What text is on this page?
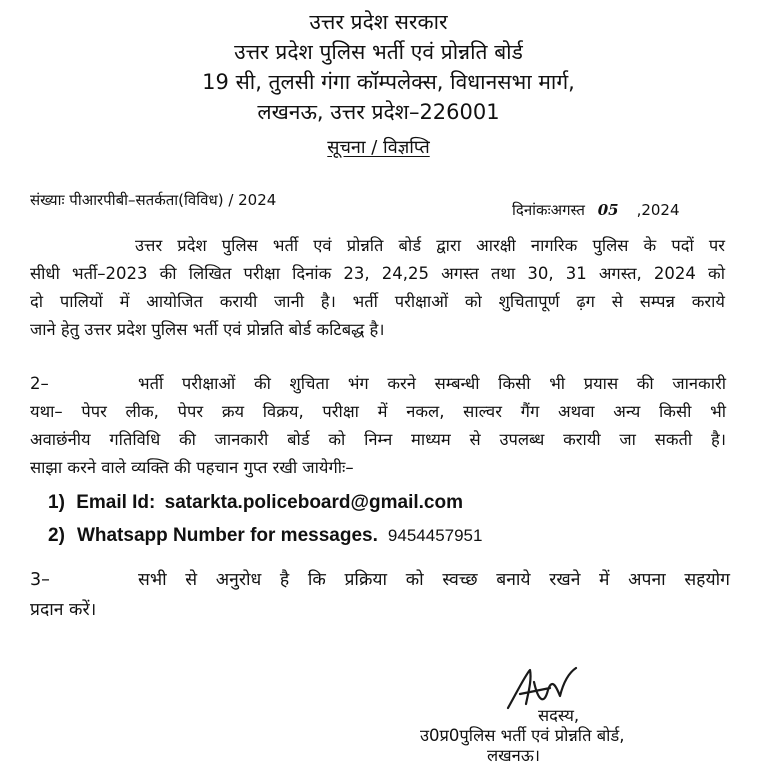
उत्तर प्रदेश सरकार
उत्तर प्रदेश पुलिस भर्ती एवं प्रोन्नति बोर्ड
19 सी, तुलसी गंगा कॉम्पलेक्स, विधानसभा मार्ग,
लखनऊ, उत्तर प्रदेश–226001
सूचना / विज्ञप्ति
संख्याः पीआरपीबी–सतर्कता(विविध) / 2024
दिनांकःअगस्त 05 ,2024
उत्तर प्रदेश पुलिस भर्ती एवं प्रोन्नति बोर्ड द्वारा आरक्षी नागरिक पुलिस के पदों पर
सीधी भर्ती–2023 की लिखित परीक्षा दिनांक 23, 24,25 अगस्त तथा 30, 31 अगस्त, 2024 को
दो पालियों में आयोजित करायी जानी है। भर्ती परीक्षाओं को शुचितापूर्ण ढ़ग से सम्पन्न कराये
जाने हेतु उत्तर प्रदेश पुलिस भर्ती एवं प्रोन्नति बोर्ड कटिबद्ध है।
2–	भर्ती परीक्षाओं की शुचिता भंग करने सम्बन्धी किसी भी प्रयास की जानकारी
यथा– पेपर लीक, पेपर क्रय विक्रय, परीक्षा में नकल, साल्वर गैंग अथवा अन्य किसी भी
अवाछंनीय गतिविधि की जानकारी बोर्ड को निम्न माध्यम से उपलब्ध करायी जा सकती है।
साझा करने वाले व्यक्ति की पहचान गुप्त रखी जायेगीः–
1) Email Id: satarkta.policeboard@gmail.com
2) Whatsapp Number for messages. 9454457951
3–	सभी से अनुरोध है कि प्रक्रिया को स्वच्छ बनाये रखने में अपना सहयोग
प्रदान करें।
सदस्य,
उ0प्र0पुलिस भर्ती एवं प्रोन्नति बोर्ड,
लखनऊ।
